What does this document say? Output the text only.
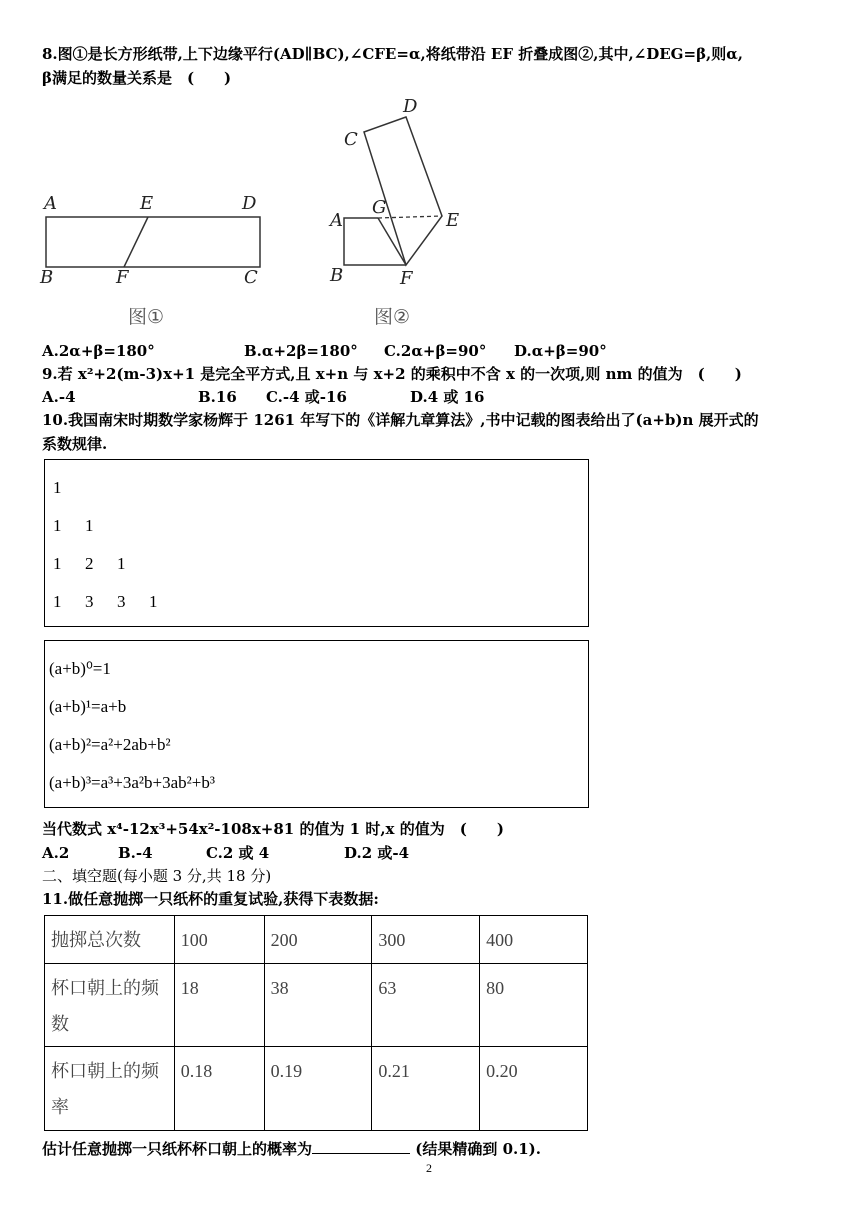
8.图①是长方形纸带,上下边缘平行(AD∥BC),∠CFE=α,将纸带沿 EF 折叠成图②,其中,∠DEG=β,则α,
β满足的数量关系是　(　　)
A	E	D
B	F	C
图①
D
C
A
G
E
B	F
图②
A.2α+β=180°	B.α+2β=180° C.2α+β=90° D.α+β=90°
9.若 x²+2(m-3)x+1 是完全平方式,且 x+n 与 x+2 的乘积中不含 x 的一次项,则 nm 的值为　(　　)
A.-4	B.16 C.-4 或-16	D.4 或 16
10.我国南宋时期数学家杨辉于 1261 年写下的《详解九章算法》,书中记载的图表给出了(a+b)n 展开式的
系数规律.
1
1 1
1 2 1
1 3 3 1
(a+b)⁰=1
(a+b)¹=a+b
(a+b)²=a²+2ab+b²
(a+b)³=a³+3a²b+3ab²+b³
当代数式 x⁴-12x³+54x²-108x+81 的值为 1 时,x 的值为　(　　)
A.2	B.-4	C.2 或 4	D.2 或-4
二、填空题(每小题 3 分,共 18 分)
11.做任意抛掷一只纸杯的重复试验,获得下表数据:
抛掷总次数	100	200	300	400
杯口朝上的频数	18	38	63	80
杯口朝上的频率	0.18	0.19	0.21	0.20
估计任意抛掷一只纸杯杯口朝上的概率为	(结果精确到 0.1).
2
